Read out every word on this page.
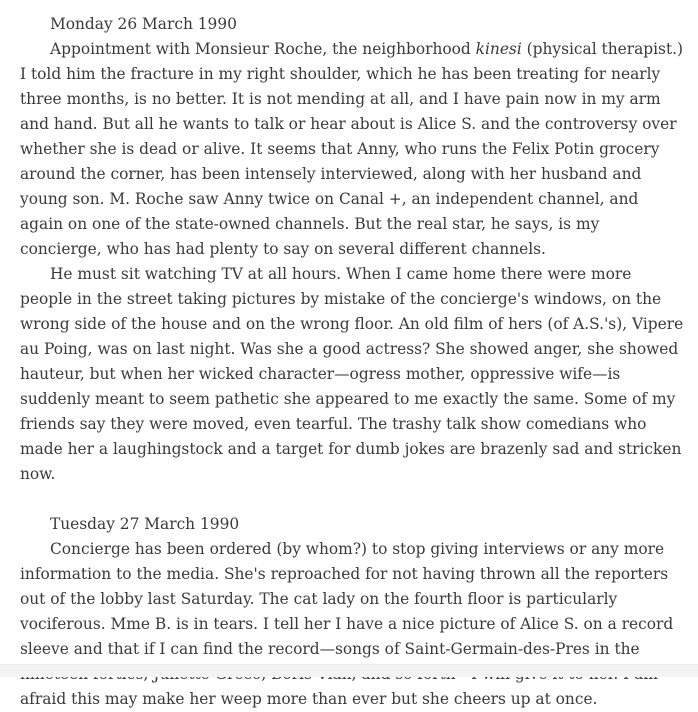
Monday 26 March 1990

Appointment with Monsieur Roche, the neighborhood kinesi (physical therapist.) I told him the fracture in my right shoulder, which he has been treating for nearly three months, is no better. It is not mending at all, and I have pain now in my arm and hand. But all he wants to talk or hear about is Alice S. and the controversy over whether she is dead or alive. It seems that Anny, who runs the Felix Potin grocery around the corner, has been intensely interviewed, along with her husband and young son. M. Roche saw Anny twice on Canal +, an independent channel, and again on one of the state-owned channels. But the real star, he says, is my concierge, who has had plenty to say on several different channels.

He must sit watching TV at all hours. When I came home there were more people in the street taking pictures by mistake of the concierge's windows, on the wrong side of the house and on the wrong floor. An old film of hers (of A.S.'s), Vipere au Poing, was on last night. Was she a good actress? She showed anger, she showed hauteur, but when her wicked character—ogress mother, oppressive wife—is suddenly meant to seem pathetic she appeared to me exactly the same. Some of my friends say they were moved, even tearful. The trashy talk show comedians who made her a laughingstock and a target for dumb jokes are brazenly sad and stricken now.

Tuesday 27 March 1990

Concierge has been ordered (by whom?) to stop giving interviews or any more information to the media. She's reproached for not having thrown all the reporters out of the lobby last Saturday. The cat lady on the fourth floor is particularly vociferous. Mme B. is in tears. I tell her I have a nice picture of Alice S. on a record sleeve and that if I can find the record—songs of Saint-Germain-des-Pres in the afraid this may make her weep more than ever but she cheers up at once.
